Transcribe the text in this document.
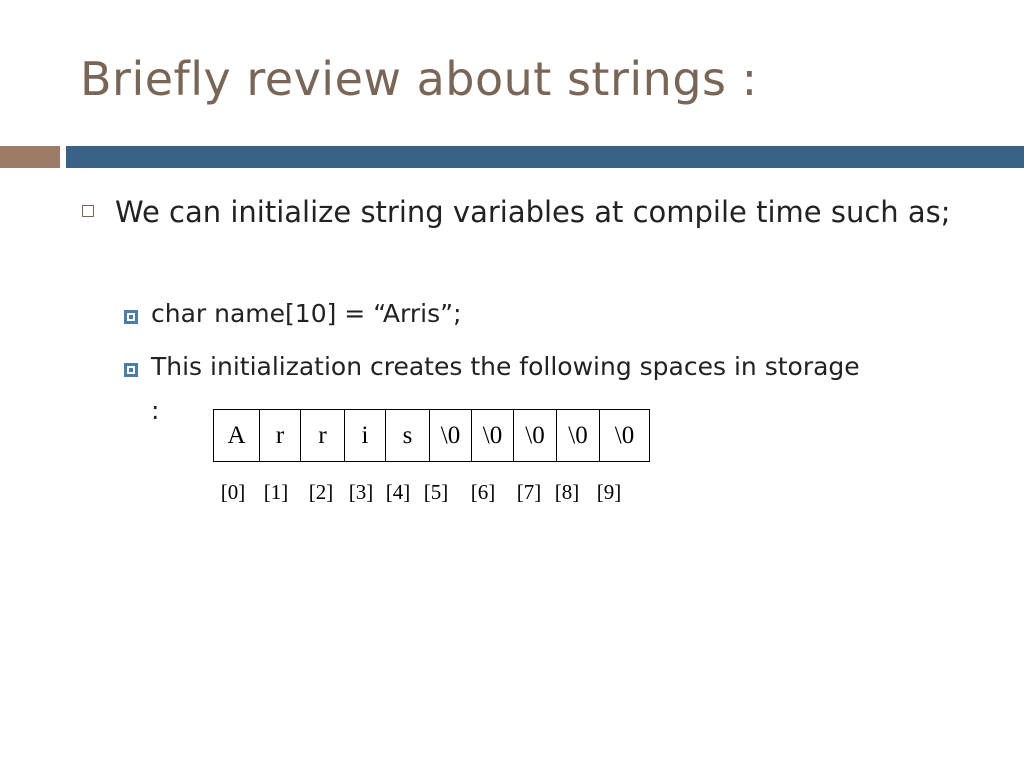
Briefly review about strings :
We can initialize string variables at compile time such as;
char name[10] = “Arris”;
This initialization creates the following spaces in storage
:
A	r	r	i	s	\0	\0	\0	\0	\0
[0] [1] [2] [3] [4] [5]	[6]	[7] [8] [9]
